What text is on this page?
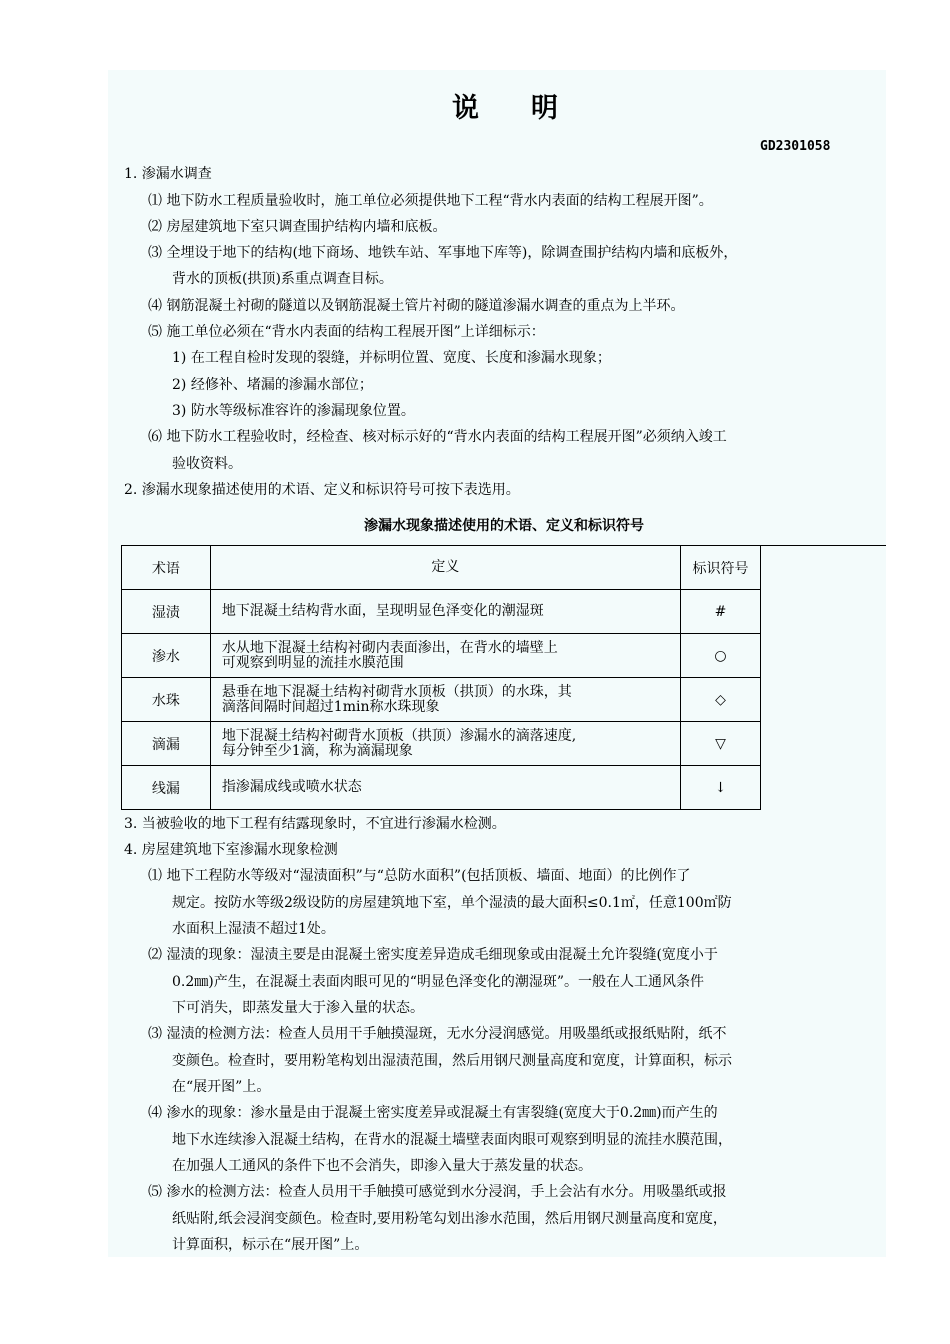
说 明
GD2301058
1. 渗漏水调查
⑴ 地下防水工程质量验收时，施工单位必须提供地下工程“背水内表面的结构工程展开图”。
⑵ 房屋建筑地下室只调查围护结构内墙和底板。
⑶ 全埋设于地下的结构(地下商场、地铁车站、军事地下库等)，除调查围护结构内墙和底板外，
背水的顶板(拱顶)系重点调查目标。
⑷ 钢筋混凝土衬砌的隧道以及钢筋混凝土管片衬砌的隧道渗漏水调查的重点为上半环。
⑸ 施工单位必须在“背水内表面的结构工程展开图”上详细标示：
1) 在工程自检时发现的裂缝，并标明位置、宽度、长度和渗漏水现象；
2) 经修补、堵漏的渗漏水部位；
3) 防水等级标准容许的渗漏现象位置。
⑹ 地下防水工程验收时，经检查、核对标示好的“背水内表面的结构工程展开图”必须纳入竣工
验收资料。
2. 渗漏水现象描述使用的术语、定义和标识符号可按下表选用。
渗漏水现象描述使用的术语、定义和标识符号
术语	定义	标识符号
湿渍	地下混凝土结构背水面，呈现明显色泽变化的潮湿斑	#
渗水	水从地下混凝土结构衬砌内表面渗出，在背水的墙壁上
可观察到明显的流挂水膜范围	○
水珠	悬垂在地下混凝土结构衬砌背水顶板（拱顶）的水珠，其
滴落间隔时间超过1min称水珠现象	◇
滴漏	地下混凝土结构衬砌背水顶板（拱顶）渗漏水的滴落速度,
每分钟至少1滴，称为滴漏现象	▽
线漏	指渗漏成线或喷水状态	↓
3. 当被验收的地下工程有结露现象时，不宜进行渗漏水检测。
4. 房屋建筑地下室渗漏水现象检测
⑴ 地下工程防水等级对“湿渍面积”与“总防水面积”(包括顶板、墙面、地面）的比例作了
规定。按防水等级2级设防的房屋建筑地下室，单个湿渍的最大面积≤0.1㎡，任意100㎡防
水面积上湿渍不超过1处。
⑵ 湿渍的现象：湿渍主要是由混凝土密实度差异造成毛细现象或由混凝土允许裂缝(宽度小于
0.2㎜)产生，在混凝土表面肉眼可见的“明显色泽变化的潮湿斑”。一般在人工通风条件
下可消失，即蒸发量大于渗入量的状态。
⑶ 湿渍的检测方法：检查人员用干手触摸湿斑，无水分浸润感觉。用吸墨纸或报纸贴附，纸不
变颜色。检查时，要用粉笔构划出湿渍范围，然后用钢尺测量高度和宽度，计算面积，标示
在“展开图”上。
⑷ 渗水的现象：渗水量是由于混凝土密实度差异或混凝土有害裂缝(宽度大于0.2㎜)而产生的
地下水连续渗入混凝土结构，在背水的混凝土墙壁表面肉眼可观察到明显的流挂水膜范围，
在加强人工通风的条件下也不会消失，即渗入量大于蒸发量的状态。
⑸ 渗水的检测方法：检查人员用干手触摸可感觉到水分浸润，手上会沾有水分。用吸墨纸或报
纸贴附,纸会浸润变颜色。检查时,要用粉笔勾划出渗水范围，然后用钢尺测量高度和宽度，
计算面积，标示在“展开图”上。
